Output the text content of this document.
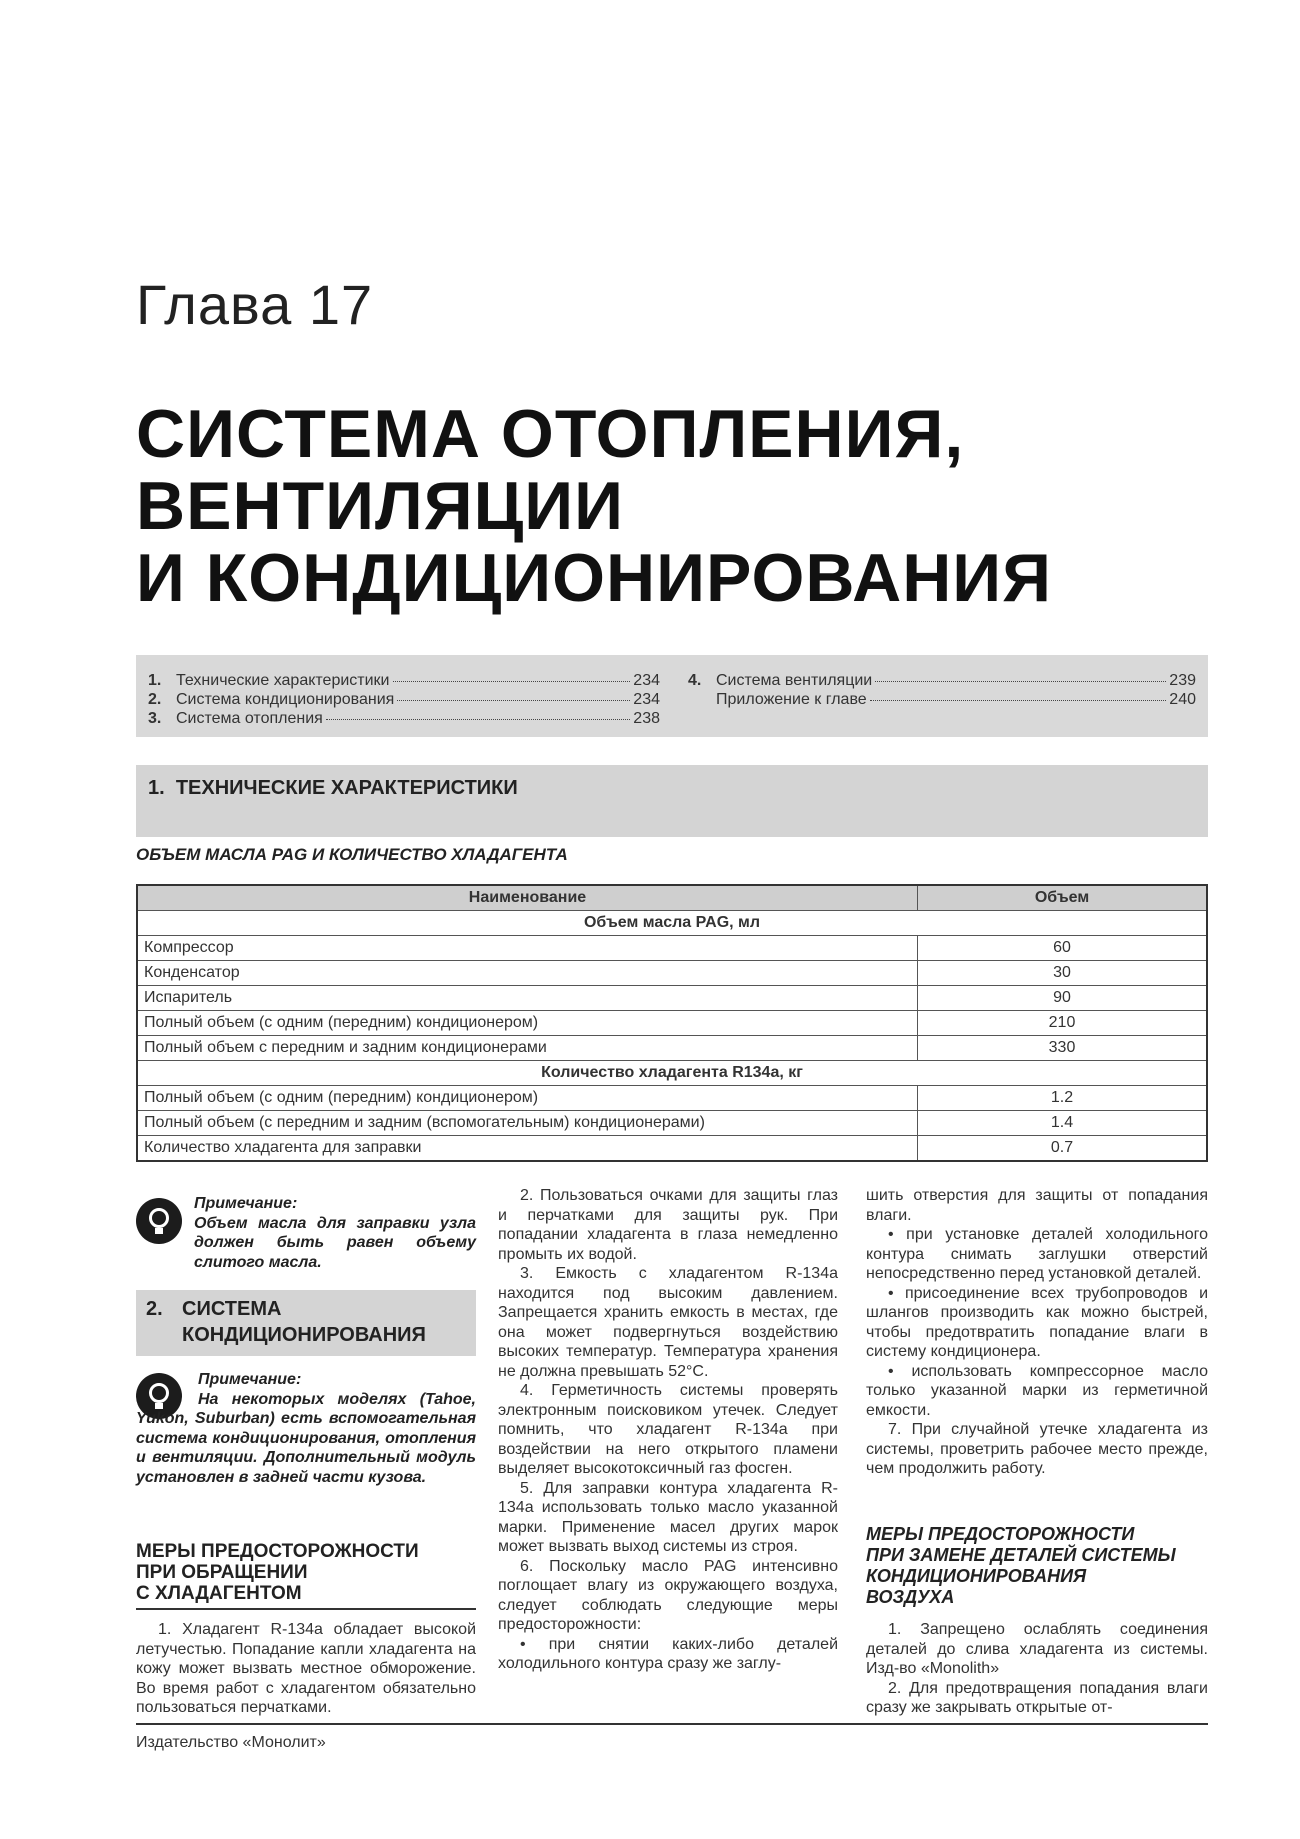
Глава 17
СИСТЕМА ОТОПЛЕНИЯ,
ВЕНТИЛЯЦИИ
И КОНДИЦИОНИРОВАНИЯ
1. Технические характеристики	234
2. Система кондиционирования	234
3. Система отопления	238
4. Система вентиляции	239
Приложение к главе	240
1. ТЕХНИЧЕСКИЕ ХАРАКТЕРИСТИКИ
ОБЪЕМ МАСЛА PAG И КОЛИЧЕСТВО ХЛАДАГЕНТА
Наименование	Объем
Объем масла PAG, мл	
Компрессор	60
Конденсатор	30
Испаритель	90
Полный объем (с одним (передним) кондиционером)	210
Полный объем с передним и задним кондиционерами	330
Количество хладагента R134a, кг	
Полный объем (с одним (передним) кондиционером)	1.2
Полный объем (с передним и задним (вспомогательным) кондиционерами)	1.4
Количество хладагента для заправки	0.7
Примечание:
Объем масла для заправки узла должен быть равен объему слитого масла.
2. СИСТЕМА
КОНДИЦИОНИРОВАНИЯ
Примечание:
На некоторых моделях (Tahoe, Yukon, Suburban) есть вспомогательная система кондиционирования, отопления и вентиляции. Дополнительный модуль установлен в задней части кузова.
МЕРЫ ПРЕДОСТОРОЖНОСТИ
ПРИ ОБРАЩЕНИИ
С ХЛАДАГЕНТОМ

1. Хладагент R-134a обладает высокой летучестью. Попадание капли хладагента на кожу может вызвать местное обморожение. Во время работ с хладагентом обязательно пользоваться перчатками.

2. Пользоваться очками для защиты глаз и перчатками для защиты рук. При попадании хладагента в глаза немедленно промыть их водой.

3. Емкость с хладагентом R-134a находится под высоким давлением. Запрещается хранить емкость в местах, где она может подвергнуться воздействию высоких температур. Температура хранения не должна превышать 52°C.

4. Герметичность системы проверять электронным поисковиком утечек. Следует помнить, что хладагент R-134a при воздействии на него открытого пламени выделяет высокотоксичный газ фосген.

5. Для заправки контура хладагента R-134a использовать только масло указанной марки. Применение масел других марок может вызвать выход системы из строя.

6. Поскольку масло PAG интенсивно поглощает влагу из окружающего воздуха, следует соблюдать следующие меры предосторожности:

• при снятии каких-либо деталей холодильного контура сразу же заглу-

шить отверстия для защиты от попадания влаги.

• при установке деталей холодильного контура снимать заглушки отверстий непосредственно перед установкой деталей.

• присоединение всех трубопроводов и шлангов производить как можно быстрей, чтобы предотвратить попадание влаги в систему кондиционера.

• использовать компрессорное масло только указанной марки из герметичной емкости.

7. При случайной утечке хладагента из системы, проветрить рабочее место прежде, чем продолжить работу.

МЕРЫ ПРЕДОСТОРОЖНОСТИ
ПРИ ЗАМЕНЕ ДЕТАЛЕЙ СИСТЕМЫ
КОНДИЦИОНИРОВАНИЯ
ВОЗДУХА

1. Запрещено ослаблять соединения деталей до слива хладагента из системы. Изд-во «Monolith»

2. Для предотвращения попадания влаги сразу же закрывать открытые от-

Издательство «Монолит»
